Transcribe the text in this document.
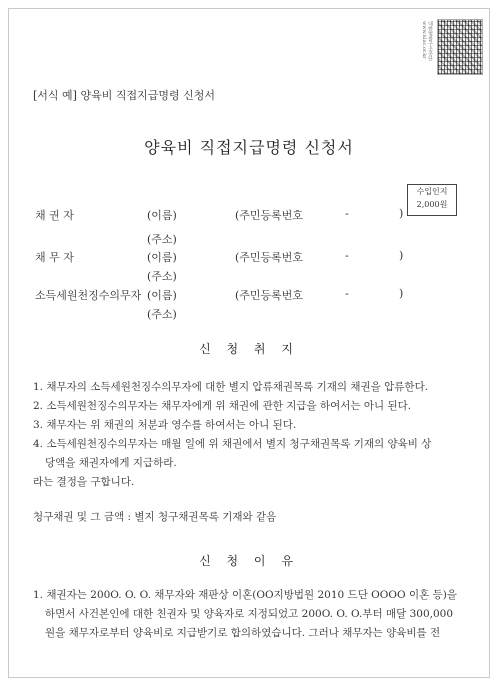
대한법률구조공단 www.klac.or.kr
[서식 예] 양육비 직접지급명령 신청서
양육비 직접지급명령 신청서
채 권 자	(이름)	(주민등록번호	-	)
(주소)
수입인지
2,000원
채 무 자	(이름)	(주민등록번호	-	)
(주소)
소득세원천징수의무자 (이름)	(주민등록번호	-	)
(주소)
신 청 취 지
1. 채무자의 소득세원천징수의무자에 대한 별지 압류채권목록 기재의 채권을 압류한다.
2. 소득세원천징수의무자는 채무자에게 위 채권에 관한 지급을 하여서는 아니 된다.
3. 채무자는 위 채권의 처분과 영수를 하여서는 아니 된다.
4. 소득세원천징수의무자는 매월 일에 위 채권에서 별지 청구채권목록 기재의 양육비 상
당액을 채권자에게 지급하라.
라는 결정을 구합니다.
청구채권 및 그 금액 : 별지 청구채권목록 기재와 같음
신 청 이 유
1. 채권자는 200O. O. O. 채무자와 재판상 이혼(OO지방법원 2010 드단 OOOO 이혼 등)을
하면서 사건본인에 대한 친권자 및 양육자로 지정되었고 200O. O. O.부터 매달 300,000
원을 채무자로부터 양육비로 지급받기로 합의하였습니다. 그러나 채무자는 양육비를 전
